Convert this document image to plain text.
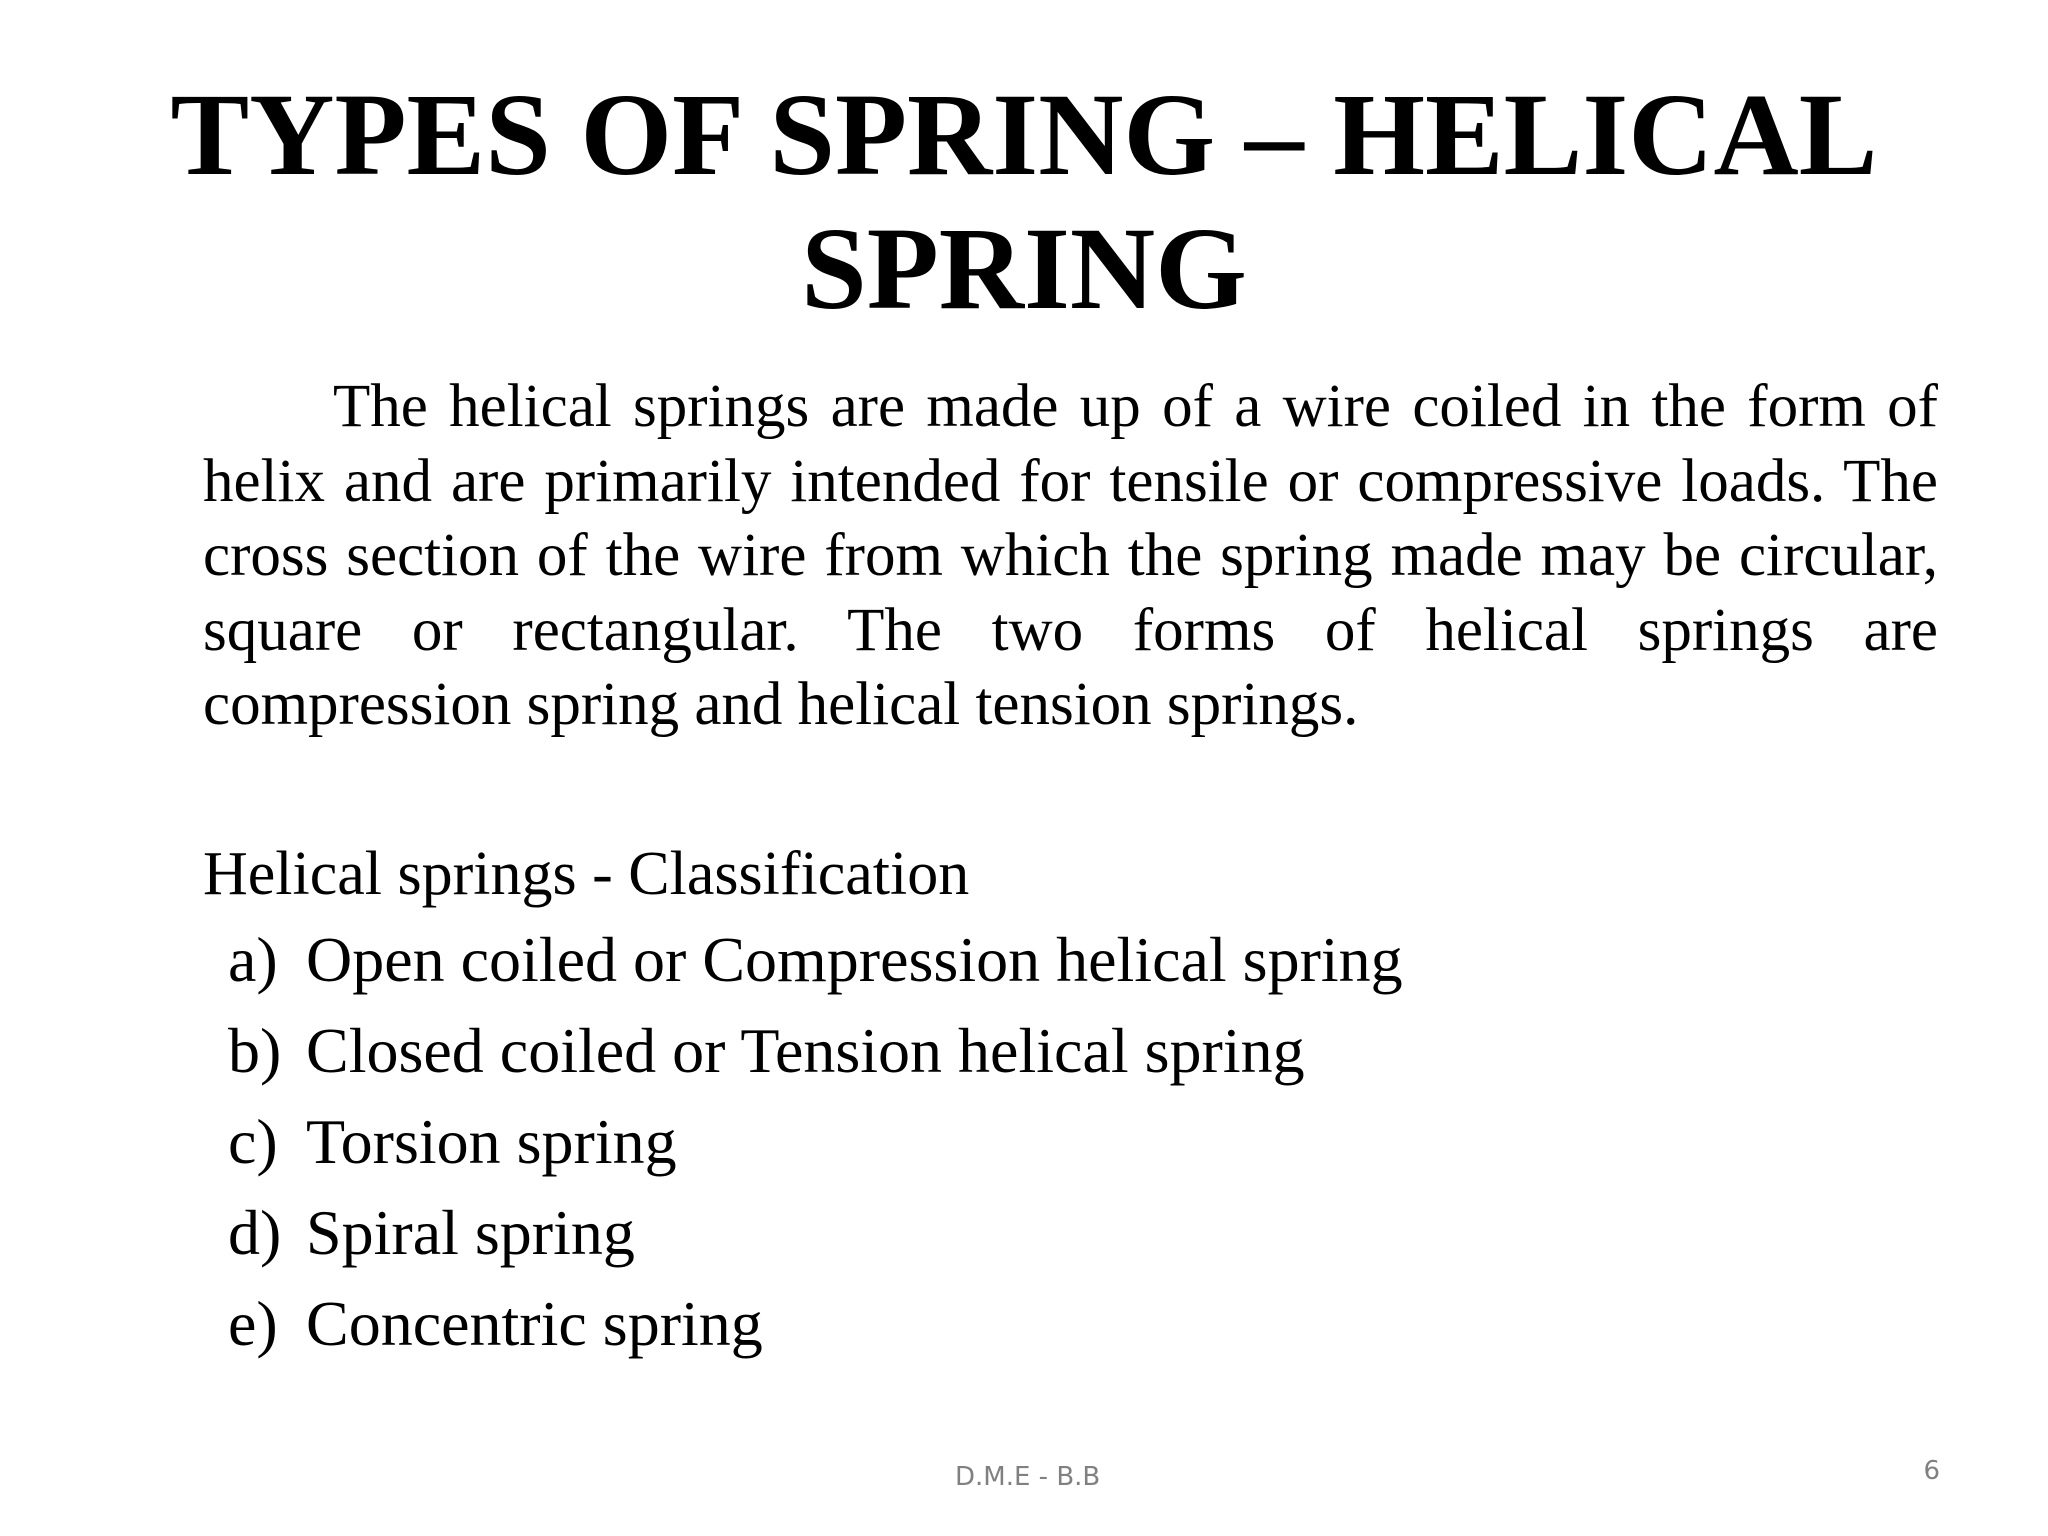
TYPES OF SPRING – HELICAL SPRING

The helical springs are made up of a wire coiled in the form of helix and are primarily intended for tensile or compressive loads. The cross section of the wire from which the spring made may be circular, square or rectangular. The two forms of helical springs are compression spring and helical tension springs.

Helical springs - Classification

a) Open coiled or Compression helical spring
b) Closed coiled or Tension helical spring
c) Torsion spring
d) Spiral spring
e) Concentric spring
D.M.E - B.B	6
